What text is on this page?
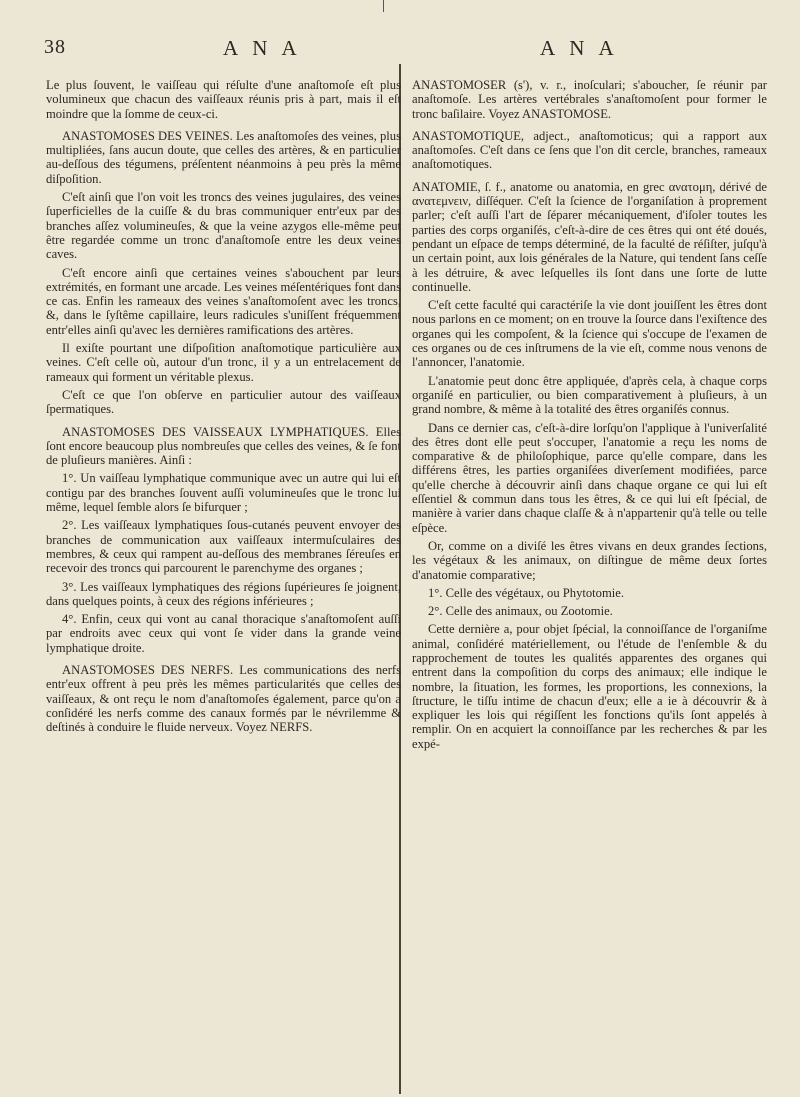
38	A N A	A N A

Le plus ſouvent, le vaiſſeau qui réſulte d'une anaſtomoſe eſt plus volumineux que chacun des vaiſſeaux réunis pris à part, mais il eſt moindre que la ſomme de ceux-ci.

ANASTOMOSES DES VEINES. Les anaſtomoſes des veines, plus multipliées, ſans aucun doute, que celles des artères, & en particulier au-deſſous des tégumens, préſentent néanmoins à peu près la même diſpoſition.

C'eſt ainſi que l'on voit les troncs des veines jugulaires, des veines ſuperficielles de la cuiſſe & du bras communiquer entr'eux par des branches aſſez volumineuſes, & que la veine azygos elle-même peut être regardée comme un tronc d'anaſtomoſe entre les deux veines caves.

C'eſt encore ainſi que certaines veines s'abouchent par leurs extrémités, en formant une arcade. Les veines méſentériques font dans ce cas. Enfin les rameaux des veines s'anaſtomoſent avec les troncs, &, dans le ſyſtême capillaire, leurs radicules s'uniſſent fréquemment entr'elles ainſi qu'avec les dernières ramifications des artères.

Il exiſte pourtant une diſpoſition anaſtomotique particulière aux veines. C'eſt celle où, autour d'un tronc, il y a un entrelacement de rameaux qui forment un véritable plexus.

C'eſt ce que l'on obſerve en particulier autour des vaiſſeaux ſpermatiques.

ANASTOMOSES DES VAISSEAUX LYMPHATIQUES. Elles ſont encore beaucoup plus nombreuſes que celles des veines, & ſe font de pluſieurs manières. Ainſi :

1°. Un vaiſſeau lymphatique communique avec un autre qui lui eſt contigu par des branches ſouvent auſſi volumineuſes que le tronc lui même, lequel ſemble alors ſe bifurquer ;

2°. Les vaiſſeaux lymphatiques ſous-cutanés peuvent envoyer des branches de communication aux vaiſſeaux intermuſculaires des membres, & ceux qui rampent au-deſſous des membranes ſéreuſes en recevoir des troncs qui parcourent le parenchyme des organes ;

3°. Les vaiſſeaux lymphatiques des régions ſupérieures ſe joignent, dans quelques points, à ceux des régions inférieures ;

4°. Enfin, ceux qui vont au canal thoracique s'anaſtomoſent auſſi par endroits avec ceux qui vont ſe vider dans la grande veine lymphatique droite.

ANASTOMOSES DES NERFS. Les communications des nerfs entr'eux offrent à peu près les mêmes particularités que celles des vaiſſeaux, & ont reçu le nom d'anaſtomoſes également, parce qu'on a conſidéré les nerfs comme des canaux formés par le névrilemme & deſtinés à conduire le fluide nerveux. Voyez NERFS.

ANASTOMOSER (s'), v. r., inoſculari; s'aboucher, ſe réunir par anaſtomoſe. Les artères vertébrales s'anaſtomoſent pour former le tronc baſilaire. Voyez ANASTOMOSE.

ANASTOMOTIQUE, adject., anaſtomoticus; qui a rapport aux anaſtomoſes. C'eſt dans ce ſens que l'on dit cercle, branches, rameaux anaſtomotiques.

ANATOMIE, ſ. f., anatome ou anatomia, en grec ανατομη, dérivé de ανατεμνειν, diſſéquer. C'eſt la ſcience de l'organiſation à proprement parler; c'eſt auſſi l'art de ſéparer mécaniquement, d'iſoler toutes les parties des corps organiſés, c'eſt-à-dire de ces êtres qui ont été doués, pendant un eſpace de temps déterminé, de la faculté de réſiſter, juſqu'à un certain point, aux lois générales de la Nature, qui tendent ſans ceſſe à les détruire, & avec leſquelles ils ſont dans une ſorte de lutte continuelle.

C'eſt cette faculté qui caractériſe la vie dont jouiſſent les êtres dont nous parlons en ce moment; on en trouve la ſource dans l'exiſtence des organes qui les compoſent, & la ſcience qui s'occupe de l'examen de ces organes ou de ces inſtrumens de la vie eſt, comme nous venons de l'annoncer, l'anatomie.

L'anatomie peut donc être appliquée, d'après cela, à chaque corps organiſé en particulier, ou bien comparativement à pluſieurs, à un grand nombre, & même à la totalité des êtres organiſés connus.

Dans ce dernier cas, c'eſt-à-dire lorſqu'on l'applique à l'univerſalité des êtres dont elle peut s'occuper, l'anatomie a reçu les noms de comparative & de philoſophique, parce qu'elle compare, dans les différens êtres, les parties organiſées diverſement modifiées, parce qu'elle cherche à découvrir ainſi dans chaque organe ce qui lui eſt eſſentiel & commun dans tous les êtres, & ce qui lui eſt ſpécial, de manière à varier dans chaque claſſe & à n'appartenir qu'à telle ou telle eſpèce.

Or, comme on a diviſé les êtres vivans en deux grandes ſections, les végétaux & les animaux, on diſtingue de même deux ſortes d'anatomie comparative;

1°. Celle des végétaux, ou Phytotomie.

2°. Celle des animaux, ou Zootomie.

Cette dernière a, pour objet ſpécial, la connoiſſance de l'organiſme animal, conſidéré matériellement, ou l'étude de l'enſemble & du rapprochement de toutes les qualités apparentes des organes qui entrent dans la compoſition du corps des animaux; elle indique le nombre, la ſituation, les formes, les proportions, les connexions, la ſtructure, le tiſſu intime de chacun d'eux; elle a ie à découvrir & à expliquer les lois qui régiſſent les fonctions qu'ils ſont appelés à remplir. On en acquiert la connoiſſance par les recherches & par les expé-
